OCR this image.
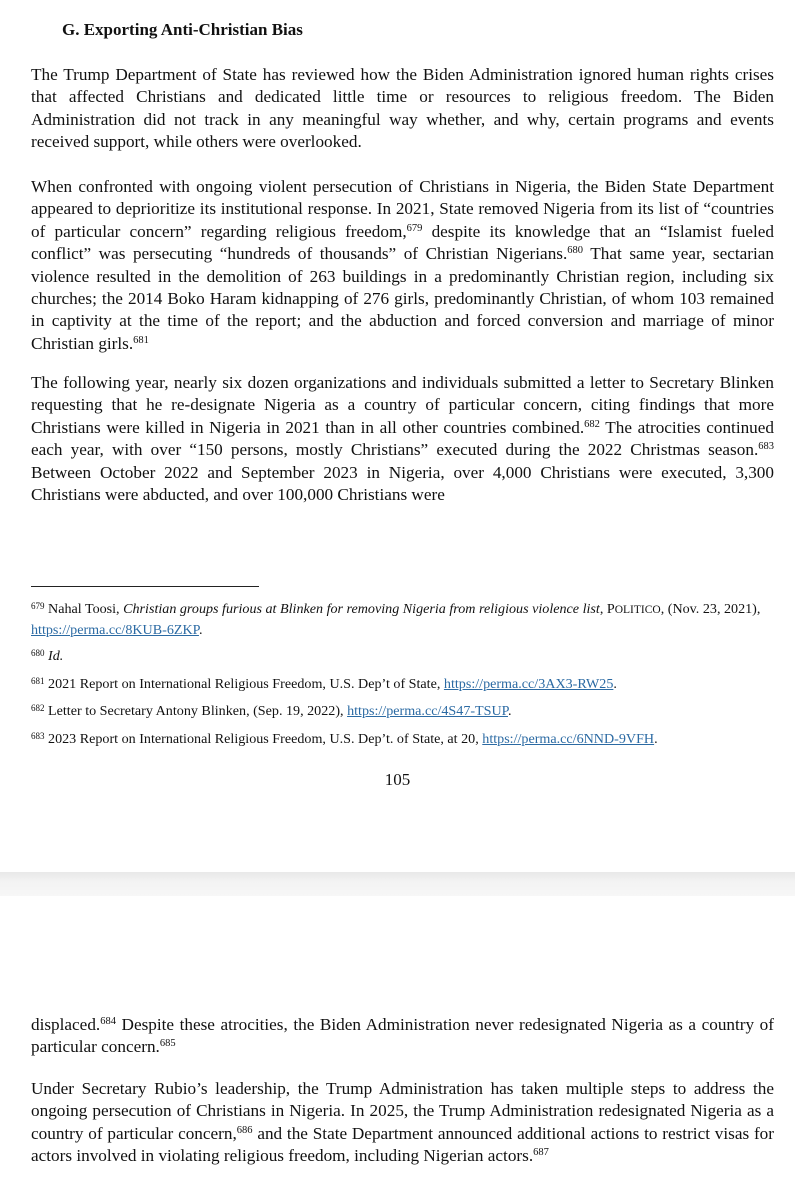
G. Exporting Anti-Christian Bias

The Trump Department of State has reviewed how the Biden Administration ignored human rights crises that affected Christians and dedicated little time or resources to religious freedom. The Biden Administration did not track in any meaningful way whether, and why, certain programs and events received support, while others were overlooked.

When confronted with ongoing violent persecution of Christians in Nigeria, the Biden State Department appeared to deprioritize its institutional response. In 2021, State removed Nigeria from its list of “countries of particular concern” regarding religious freedom,$^{679}$ despite its knowledge that an “Islamist fueled conflict” was persecuting “hundreds of thousands” of Christian Nigerians.$^{680}$ That same year, sectarian violence resulted in the demolition of 263 buildings in a predominantly Christian region, including six churches; the 2014 Boko Haram kidnapping of 276 girls, predominantly Christian, of whom 103 remained in captivity at the time of the report; and the abduction and forced conversion and marriage of minor Christian girls.$^{681}$

The following year, nearly six dozen organizations and individuals submitted a letter to Secretary Blinken requesting that he re-designate Nigeria as a country of particular concern, citing findings that more Christians were killed in Nigeria in 2021 than in all other countries combined.$^{682}$ The atrocities continued each year, with over “150 persons, mostly Christians” executed during the 2022 Christmas season.$^{683}$ Between October 2022 and September 2023 in Nigeria, over 4,000 Christians were executed, 3,300 Christians were abducted, and over 100,000 Christians were

$^{679}$ Nahal Toosi, Christian groups furious at Blinken for removing Nigeria from religious violence list, POLITICO, (Nov. 23, 2021), https://perma.cc/8KUB-6ZKP.

$^{680}$ Id.

$^{681}$ 2021 Report on International Religious Freedom, U.S. Dep’t of State, https://perma.cc/3AX3-RW25.

$^{682}$ Letter to Secretary Antony Blinken, (Sep. 19, 2022), https://perma.cc/4S47-TSUP.

$^{683}$ 2023 Report on International Religious Freedom, U.S. Dep’t. of State, at 20, https://perma.cc/6NND-9VFH.

105

displaced.$^{684}$ Despite these atrocities, the Biden Administration never redesignated Nigeria as a country of particular concern.$^{685}$

Under Secretary Rubio’s leadership, the Trump Administration has taken multiple steps to address the ongoing persecution of Christians in Nigeria. In 2025, the Trump Administration redesignated Nigeria as a country of particular concern,$^{686}$ and the State Department announced additional actions to restrict visas for actors involved in violating religious freedom, including Nigerian actors.$^{687}$
